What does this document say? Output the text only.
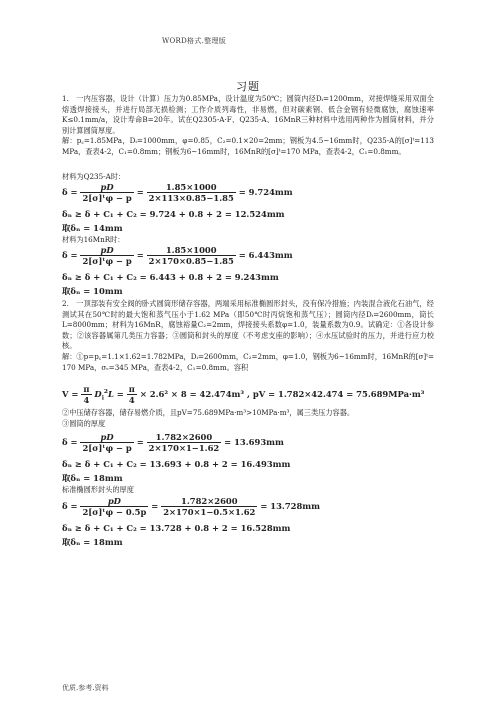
WORD格式.整理版
习题
1.　一内压容器，设计（计算）压力为0.85MPa，设计温度为50℃；圆筒内径Dᵢ=1200mm，对接焊缝采用双面全熔透焊接接头，并进行局部无损检测；工作介质列毒性，非易燃，但对碳素钢、低合金钢有轻微腐蚀，腐蚀速率K≤0.1mm/a，设计寿命B=20年。试在Q2305-A·F、Q235-A、16MnR三种材料中选用两种作为圆筒材料，并分别计算圆筒厚度。
解：p꜀=1.85MPa，Dᵢ=1000mm，φ=0.85，C₂=0.1×20=2mm；钢板为4.5~16mm时，Q235-A的[σ]ᵗ=113 MPa，查表4-2，C₁=0.8mm；钢板为6~16mm时，16MnR的[σ]ᵗ=170 MPa，查表4-2，C₁=0.8mm。
材料为Q235-A时：
$\delta = \frac{pD}{\text{2[σ]ᵗφ − p}} = \frac{1.85\times 1000}{2\times 113\times 0.85-1.85} = 9.724mm$
δₙ ≥ δ + C₁ + C₂ = 9.724 + 0.8 + 2 = 12.524mm
取δₙ = 14mm
材料为16MnR时：
$\delta = \frac{pD}{\text{2[σ]ᵗφ − p}} = \frac{1.85\times 1000}{2\times 170\times 0.85-1.85} = 6.443mm$
δₙ ≥ δ + C₁ + C₂ = 6.443 + 0.8 + 2 = 9.243mm
取δₙ = 10mm
2.　一顶部装有安全阀的卧式圆筒形储存容器，两端采用标准椭圆形封头，没有保冷措施；内装混合液化石油气，经测试其在50℃时的最大饱和蒸气压小于1.62 MPa（即50℃时丙烷饱和蒸气压）；圆筒内径Dᵢ=2600mm，筒长L=8000mm；材料为16MnR，腐蚀裕量C₂=2mm，焊接接头系数φ=1.0，装量系数为0.9。试确定：①各设计参数；②该容器属第几类压力容器；③圆筒和封头的厚度（不考虑支座的影响）；④水压试验时的压力，并进行应力校核。
解：①p=p꜀=1.1×1.62=1.782MPa，Dᵢ=2600mm，C₂=2mm，φ=1.0，钢板为6~16mm时，16MnR的[σ]ᵗ= 170 MPa，σₛ=345 MPa，查表4-2，C₁=0.8mm。容积
$V = \frac{\pi}{4} D_i^2L = \frac{\pi}{4} \times 2.6^2 \times 8 = 42.474m^3$ , pV = 1.782×42.474 = 75.689MPa·m³
②中压储存容器，储存易燃介质，且pV=75.689MPa·m³>10MPa·m³，属三类压力容器。
③圆筒的厚度
$\delta = \frac{pD}{\text{2[σ]ᵗφ − p}} = \frac{1.782\times 2600}{2\times 170\times 1-1.62} = 13.693mm$
δₙ ≥ δ + C₁ + C₂ = 13.693 + 0.8 + 2 = 16.493mm
取δₙ = 18mm
标准椭圆形封头的厚度
$\delta = \frac{pD}{\text{2[σ]ᵗφ − 0.5p}} = \frac{1.782\times 2600}{2\times 170\times 1-0.5\times 1.62} = 13.728mm$
δₙ ≥ δ + C₁ + C₂ = 13.728 + 0.8 + 2 = 16.528mm
取δₙ = 18mm
优质.参考.资料
